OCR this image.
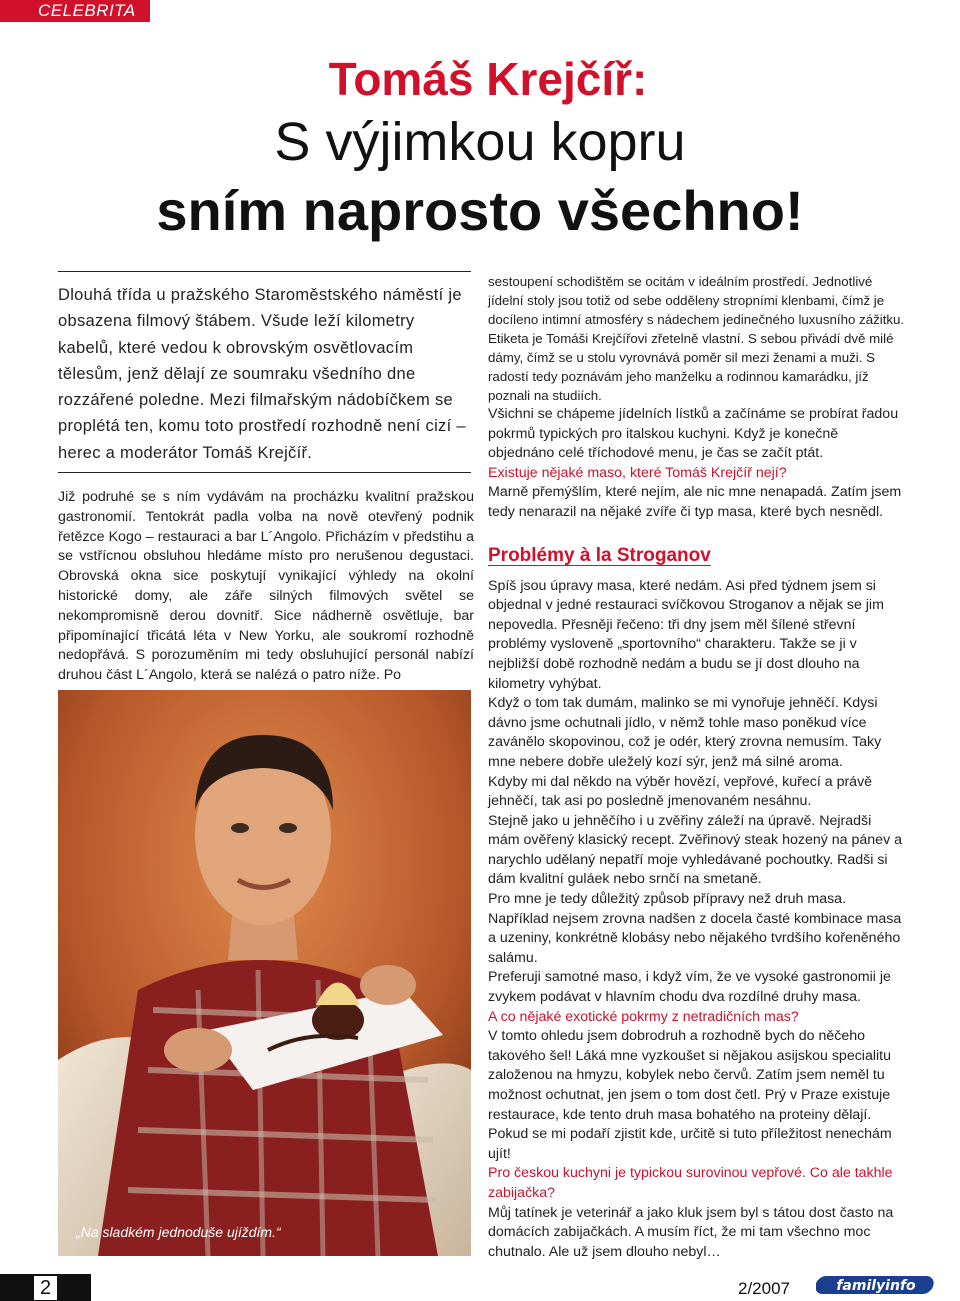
CELEBRITA
Tomáš Krejčíř:
S výjimkou kopru
sním naprosto všechno!

Dlouhá třída u pražského Staroměstského náměstí je obsazena filmový štábem. Všude leží kilometry kabelů, které vedou k obrovským osvětlovacím tělesům, jenž dělají ze soumraku všedního dne rozzářené poledne. Mezi filmařským nádobíčkem se proplétá ten, komu toto prostředí rozhodně není cizí – herec a moderátor Tomáš Krejčíř.

Již podruhé se s ním vydávám na procházku kvalitní pražskou gastronomií. Tentokrát padla volba na nově otevřený podnik řetězce Kogo – restauraci a bar L´Angolo. Přicházím v předstihu a se vstřícnou obsluhou hledáme místo pro nerušenou degustaci. Obrovská okna sice poskytují vynikající výhledy na okolní historické domy, ale záře silných filmových světel se nekompromisně derou dovnitř. Sice nádherně osvětluje, bar připomínající třicátá léta v New Yorku, ale soukromí rozhodně nedopřává. S porozuměním mi tedy obsluhující personál nabízí druhou část L´Angolo, která se nalézá o patro níže. Po

„Na sladkém jednoduše ujíždím.“

sestoupení schodištěm se ocitám v ideálním prostředí. Jednotlivé jídelní stoly jsou totiž od sebe odděleny stropními klenbami, čímž je docíleno intimní atmosféry s nádechem jedinečného luxusního zážitku.

Etiketa je Tomáši Krejčířovi zřetelně vlastní. S sebou přivádí dvě milé dámy, čímž se u stolu vyrovnává poměr sil mezi ženami a muži. S radostí tedy poznávám jeho manželku a rodinnou kamarádku, jíž poznali na studiích.

Všichni se chápeme jídelních lístků a začínáme se probírat řadou pokrmů typických pro italskou kuchyni. Když je konečně objednáno celé tříchodové menu, je čas se začít ptát.

Existuje nějaké maso, které Tomáš Krejčíř nejí?

Marně přemýšlím, které nejím, ale nic mne nenapadá. Zatím jsem tedy nenarazil na nějaké zvíře či typ masa, které bych nesnědl.

Problémy à la Stroganov

Spíš jsou úpravy masa, které nedám. Asi před týdnem jsem si objednal v jedné restauraci svíčkovou Stroganov a nějak se jim nepovedla. Přesněji řečeno: tři dny jsem měl šílené střevní problémy vysloveně „sportovního“ charakteru. Takže se ji v nejbližší době rozhodně nedám a budu se jí dost dlouho na kilometry vyhýbat.

Když o tom tak dumám, malinko se mi vynořuje jehněčí. Kdysi dávno jsme ochutnali jídlo, v němž tohle maso poněkud více zavánělo skopovinou, což je odér, který zrovna nemusím. Taky mne nebere dobře uleželý kozí sýr, jenž má silné aroma.

Kdyby mi dal někdo na výběr hovězí, vepřové, kuřecí a právě jehněčí, tak asi po posledně jmenovaném nesáhnu.

Stejně jako u jehněčího i u zvěřiny záleží na úpravě. Nejradši mám ověřený klasický recept. Zvěřinový steak hozený na pánev a narychlo udělaný nepatří moje vyhledávané pochoutky. Radši si dám kvalitní guláek nebo srnčí na smetaně.

Pro mne je tedy důležitý způsob přípravy než druh masa. Například nejsem zrovna nadšen z docela časté kombinace masa a uzeniny, konkrétně klobásy nebo nějakého tvrdšího kořeněného salámu.

Preferuji samotné maso, i když vím, že ve vysoké gastronomii je zvykem podávat v hlavním chodu dva rozdílné druhy masa.

A co nějaké exotické pokrmy z netradičních mas?

V tomto ohledu jsem dobrodruh a rozhodně bych do něčeho takového šel! Láká mne vyzkoušet si nějakou asijskou specialitu založenou na hmyzu, kobylek nebo červů. Zatím jsem neměl tu možnost ochutnat, jen jsem o tom dost četl. Prý v Praze existuje restaurace, kde tento druh masa bohatého na proteiny dělají. Pokud se mi podaří zjistit kde, určitě si tuto příležitost nenechám ujít!

Pro českou kuchyni je typickou surovinou vepřové. Co ale takhle zabijačka?

Můj tatínek je veterinář a jako kluk jsem byl s tátou dost často na domácích zabijačkách. A musím říct, že mi tam všechno moc chutnalo. Ale už jsem dlouho nebyl…

2	2/2007	familyinfo
